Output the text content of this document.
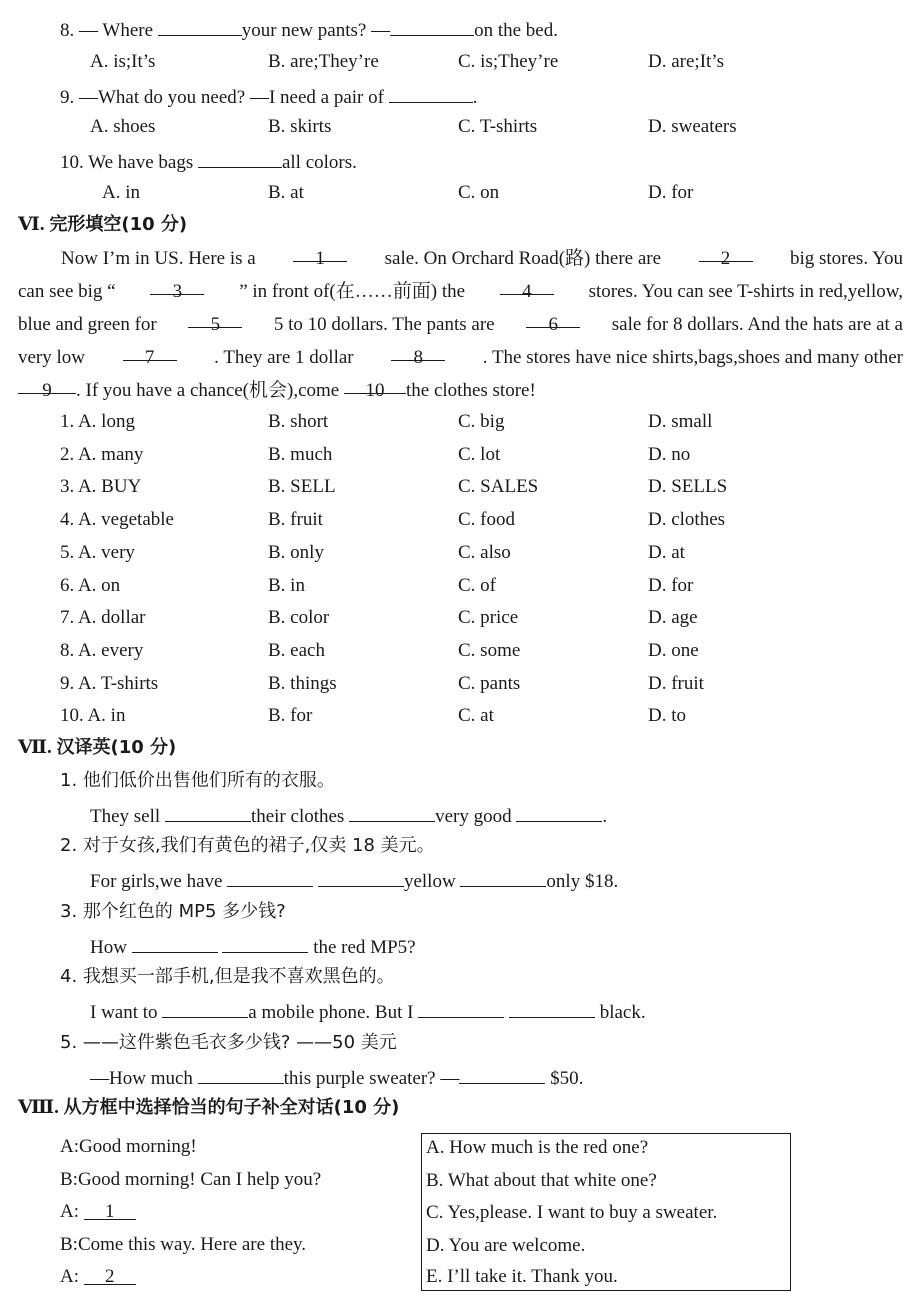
8. — Where	your new pants? —	on the bed.
A. is;It’s	B. are;They’re	C. is;They’re	D. are;It’s
9. —What do you need? —I need a pair of	.
A. shoes	B. skirts	C. T-shirts	D. sweaters
10. We have bags	all colors.
A. in	B. at	C. on	D. for
Ⅵ. 完形填空(10 分)
Now I’m in US. Here is a	1	sale. On Orchard Road(路) there are	2	big stores. You
can see big “	3	” in front of(在……前面) the	4	stores. You can see T-shirts in red,yellow,
blue and green for	5	5 to 10 dollars. The pants are	6	sale for 8 dollars. And the hats are at a
very low	7	. They are 1 dollar	8	. The stores have nice shirts,bags,shoes and many other
9 . If you have a chance(机会),come 10 the clothes store!
1. A. long	B. short	C. big	D. small
2. A. many	B. much	C. lot	D. no
3. A. BUY	B. SELL	C. SALES	D. SELLS
4. A. vegetable	B. fruit	C. food	D. clothes
5. A. very	B. only	C. also	D. at
6. A. on	B. in	C. of	D. for
7. A. dollar	B. color	C. price	D. age
8. A. every	B. each	C. some	D. one
9. A. T-shirts	B. things	C. pants	D. fruit
10. A. in	B. for	C. at	D. to
Ⅶ. 汉译英(10 分)
1. 他们低价出售他们所有的衣服。
They sell	their clothes	very good	.
2. 对于女孩,我们有黄色的裙子,仅卖 18 美元。
For girls,we have	yellow	only $18.
3. 那个红色的 MP5 多少钱?
How	the red MP5?
4. 我想买一部手机,但是我不喜欢黑色的。
I want to	a mobile phone. But I	black.
5. ——这件紫色毛衣多少钱? ——50 美元
—How much	this purple sweater? —	$50.
Ⅷ. 从方框中选择恰当的句子补全对话(10 分)
A:Good morning!
B:Good morning! Can I help you?
A: 1
B:Come this way. Here are they.
A: 2
A. How much is the red one?
B. What about that white one?
C. Yes,please. I want to buy a sweater.
D. You are welcome.
E. I’ll take it. Thank you.
